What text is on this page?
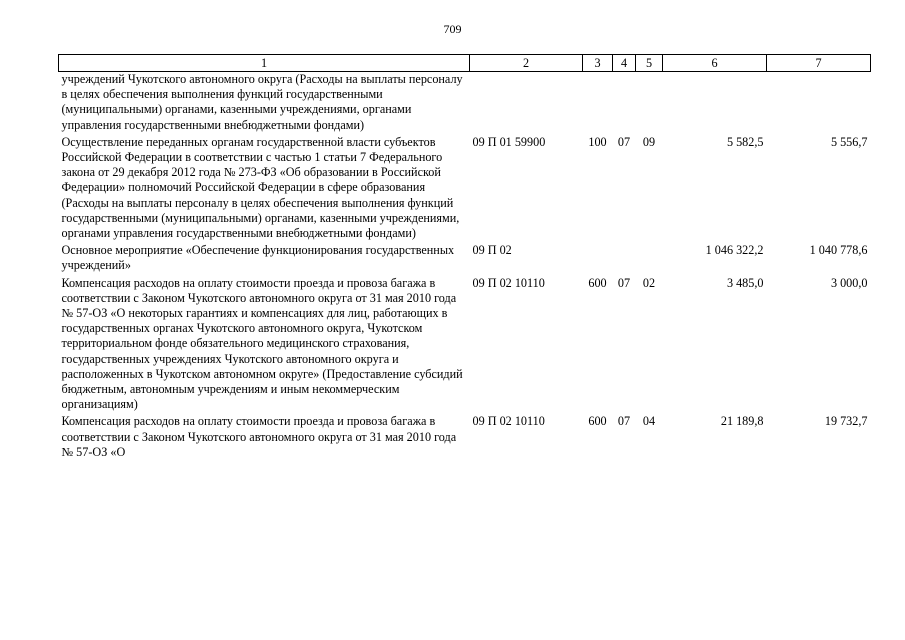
709
1	2	3	4	5	6	7
учреждений Чукотского автономного округа (Расходы на выплаты персоналу в целях обеспечения выполнения функций государственными (муниципальными) органами, казенными учреждениями, органами управления государственными внебюджетными фондами)						
Осуществление переданных органам государственной власти субъектов Российской Федерации в соответствии с частью 1 статьи 7 Федерального закона от 29 декабря 2012 года № 273-ФЗ «Об образовании в Российской Федерации» полномочий Российской Федерации в сфере образования (Расходы на выплаты персоналу в целях обеспечения выполнения функций государственными (муниципальными) органами, казенными учреждениями, органами управления государственными внебюджетными фондами)	09 П 01 59900	100	07	09	5 582,5	5 556,7
Основное мероприятие «Обеспечение функционирования государственных учреждений»	09 П 02				1 046 322,2	1 040 778,6
Компенсация расходов на оплату стоимости проезда и провоза багажа в соответствии с Законом Чукотского автономного округа от 31 мая 2010 года № 57-ОЗ «О некоторых гарантиях и компенсациях для лиц, работающих в государственных органах Чукотского автономного округа, Чукотском территориальном фонде обязательного медицинского страхования, государственных учреждениях Чукотского автономного округа и расположенных в Чукотском автономном округе» (Предоставление субсидий бюджетным, автономным учреждениям и иным некоммерческим организациям)	09 П 02 10110	600	07	02	3 485,0	3 000,0
Компенсация расходов на оплату стоимости проезда и провоза багажа в соответствии с Законом Чукотского автономного округа от 31 мая 2010 года № 57-ОЗ «О	09 П 02 10110	600	07	04	21 189,8	19 732,7
